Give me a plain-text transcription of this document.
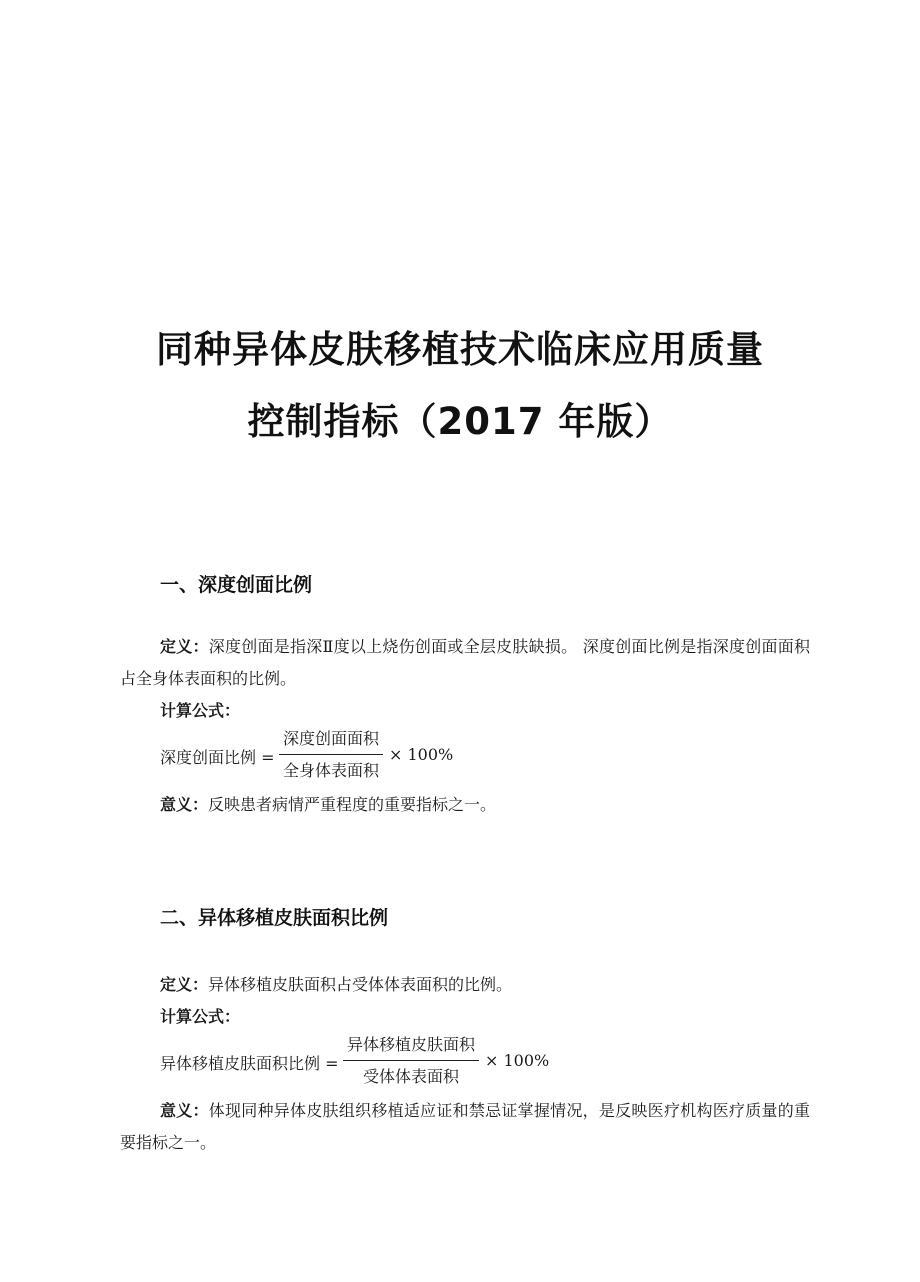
同种异体皮肤移植技术临床应用质量
控制指标（2017 年版）
一、深度创面比例
定义：深度创面是指深Ⅱ度以上烧伤创面或全层皮肤缺损。 深度创面比例是指深度创面面积占全身体表面积的比例。
计算公式：
深度创面比例 =
深度创面面积
全身体表面积
× 100%
意义：反映患者病情严重程度的重要指标之一。
二、异体移植皮肤面积比例
定义：异体移植皮肤面积占受体体表面积的比例。
计算公式：
异体移植皮肤面积比例 =
异体移植皮肤面积
受体体表面积
× 100%
意义：体现同种异体皮肤组织移植适应证和禁忌证掌握情况，是反映医疗机构医疗质量的重要指标之一。
